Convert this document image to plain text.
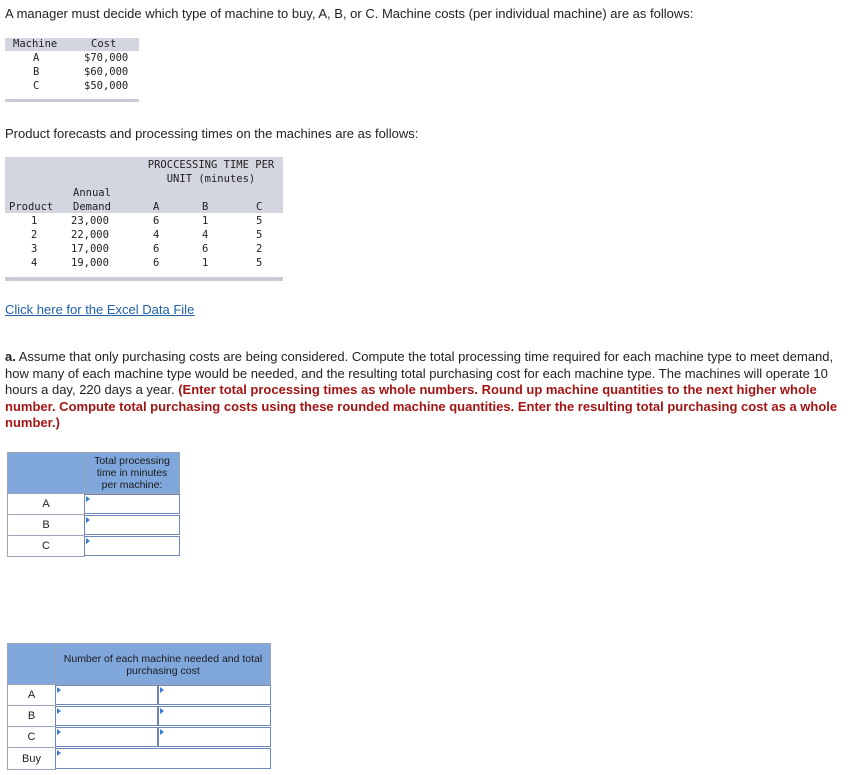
A manager must decide which type of machine to buy, A, B, or C. Machine costs (per individual machine) are as follows:
Machine	Cost
A	$70,000
B	$60,000
C	$50,000
Product forecasts and processing times on the machines are as follows:
PROCCESSING TIME PER
UNIT (minutes)
Annual
Product Demand	A	B	C
1	23,000	6	1	5
2	22,000	4	4	5
3	17,000	6	6	2
4	19,000	6	1	5
Click here for the Excel Data File
a. Assume that only purchasing costs are being considered. Compute the total processing time required for each machine type to meet demand, how many of each machine type would be needed, and the resulting total purchasing cost for each machine type. The machines will operate 10 hours a day, 220 days a year. (Enter total processing times as whole numbers. Round up machine quantities to the next higher whole number. Compute total purchasing costs using these rounded machine quantities. Enter the resulting total purchasing cost as a whole number.)
Total processing time in minutes per machine:
A
B
C
Number of each machine needed and total purchasing cost
A
B
C
Buy
